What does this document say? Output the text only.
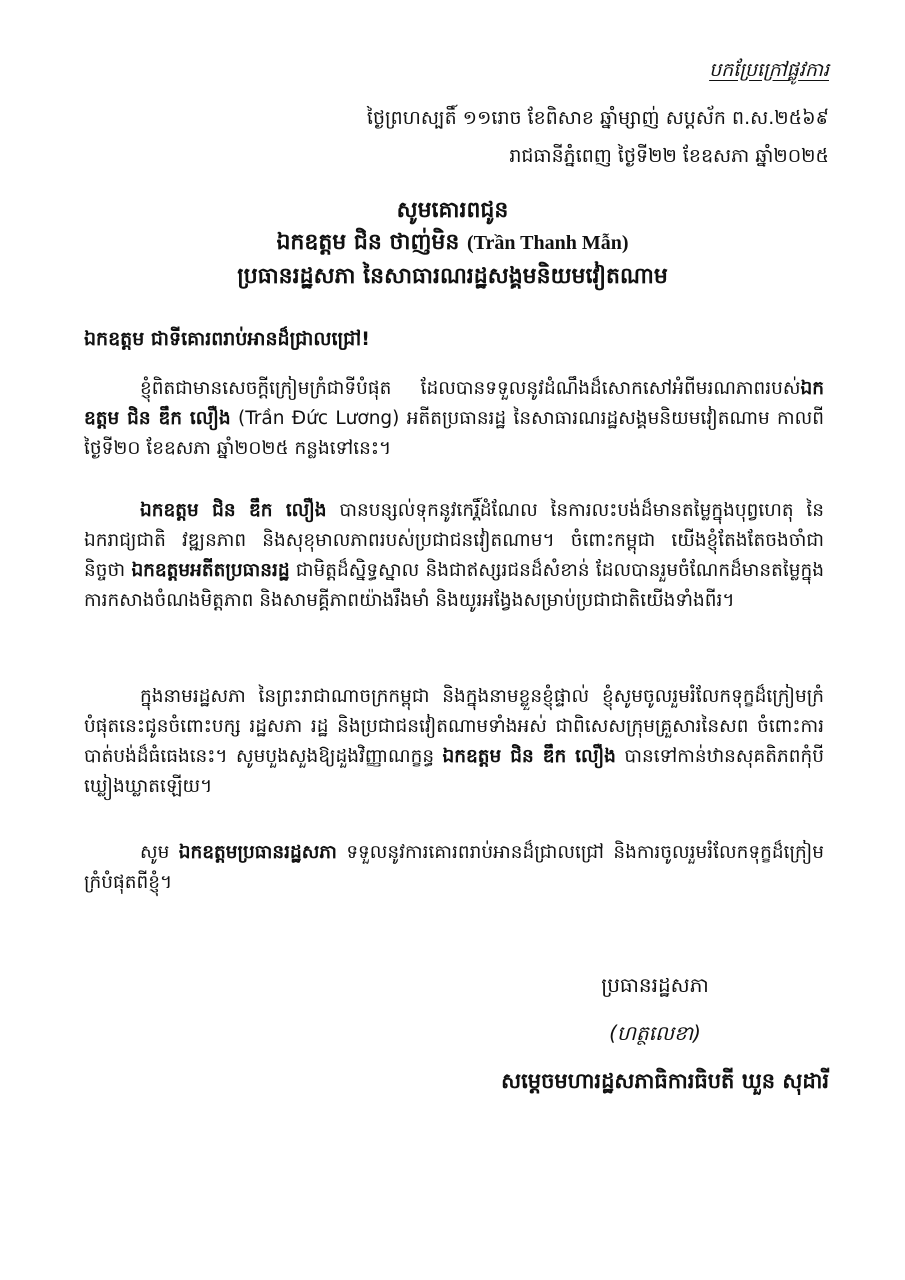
បកប្រែក្រៅផ្លូវការ
ថ្ងៃព្រហស្បតិ៍ ១១រោច ខែពិសាខ ឆ្នាំម្សាញ់ សប្តស័ក ព.ស.២៥៦៩
រាជធានីភ្នំពេញ ថ្ងៃទី២២ ខែឧសភា ឆ្នាំ២០២៥
សូមគោរពជូន
ឯកឧត្តម ជិន ថាញ់មិន (Trần Thanh Mẫn)
ប្រធានរដ្ឋសភា នៃសាធារណរដ្ឋសង្គមនិយមវៀតណាម
ឯកឧត្តម ជាទីគោរពរាប់អានដ៏ជ្រាលជ្រៅ!
ខ្ញុំពិតជាមានសេចក្តីក្រៀមក្រំជាទីបំផុត ដែលបានទទួលនូវដំណឹងដ៏សោកសៅអំពីមរណភាពរបស់ឯកឧត្តម ជិន ឌឹក លឿង (Trần Đức Lương) អតីតប្រធានរដ្ឋ នៃសាធារណរដ្ឋសង្គមនិយមវៀតណាម កាលពីថ្ងៃទី២០ ខែឧសភា ឆ្នាំ២០២៥ កន្លងទៅនេះ។
ឯកឧត្តម ជិន ឌឹក លឿង បានបន្សល់ទុកនូវកេរ្តិ៍ដំណែល នៃការលះបង់ដ៏មានតម្លៃក្នុងបុព្វហេតុ នៃឯករាជ្យជាតិ វឌ្ឍនភាព និងសុខុមាលភាពរបស់ប្រជាជនវៀតណាម។ ចំពោះកម្ពុជា យើងខ្ញុំតែងតែចងចាំជានិច្ចថា ឯកឧត្តមអតីតប្រធានរដ្ឋ ជាមិត្តដ៏ស្និទ្ធស្នាល និងជាឥស្សរជនដ៏សំខាន់ ដែលបានរួមចំណែកដ៏មានតម្លៃក្នុងការកសាងចំណងមិត្តភាព និងសាមគ្គីភាពយ៉ាងរឹងមាំ និងយូរអង្វែងសម្រាប់ប្រជាជាតិយើងទាំងពីរ។
ក្នុងនាមរដ្ឋសភា នៃព្រះរាជាណាចក្រកម្ពុជា និងក្នុងនាមខ្លួនខ្ញុំផ្ទាល់ ខ្ញុំសូមចូលរួមរំលែកទុក្ខដ៏ក្រៀមក្រំបំផុតនេះជូនចំពោះបក្ស រដ្ឋសភា រដ្ឋ និងប្រជាជនវៀតណាមទាំងអស់ ជាពិសេសក្រុមគ្រួសារនៃសព ចំពោះការបាត់បង់ដ៏ធំធេងនេះ។ សូមបួងសួងឱ្យដួងវិញ្ញាណក្ខន្ធ ឯកឧត្តម ជិន ឌឹក លឿង បានទៅកាន់ឋានសុគតិភពកុំបីឃ្លៀងឃ្លាតឡើយ។
សូម ឯកឧត្តមប្រធានរដ្ឋសភា ទទួលនូវការគោរពរាប់អានដ៏ជ្រាលជ្រៅ និងការចូលរួមរំលែកទុក្ខដ៏ក្រៀមក្រំបំផុតពីខ្ញុំ។
ប្រធានរដ្ឋសភា
(ហត្ថលេខា)
សម្តេចមហារដ្ឋសភាធិការធិបតី ឃួន សុដារី
